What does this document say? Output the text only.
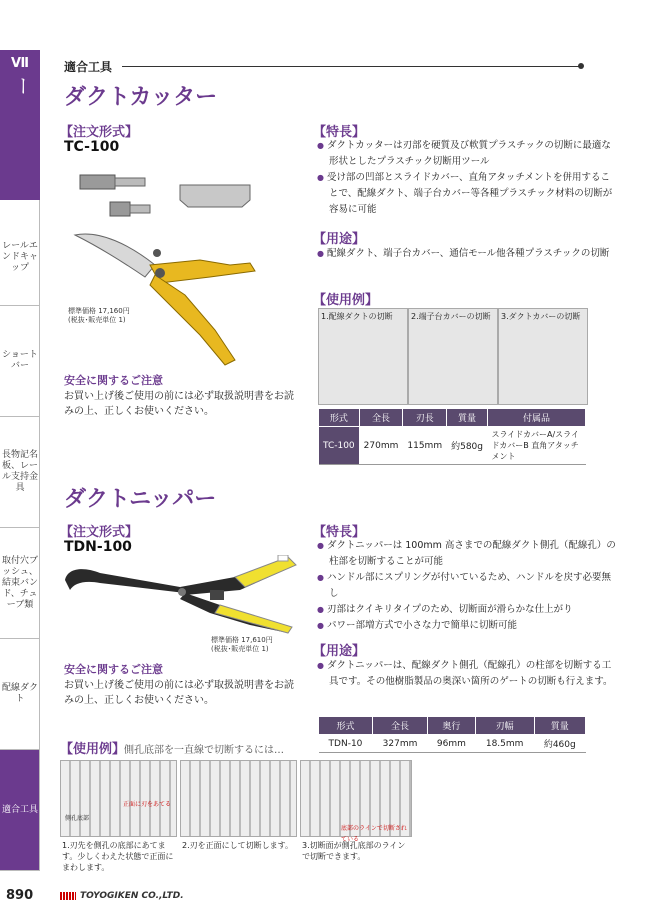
Ⅶ
アクセサリー
レールエンドキャップ
ショートバー
長物記名板、レール支持金具
取付穴ブッシュ、結束バンド、チューブ類
配線ダクト
適合工具
適合工具
ダクトカッター
【注文形式】
TC-100
標準価格 17,160円
(税抜･販売単位 1)
安全に関するご注意
お買い上げ後ご使用の前には必ず取扱説明書をお読みの上、正しくお使いください。
【特長】

● ダクトカッターは刃部を硬質及び軟質プラスチックの切断に最適な形状としたプラスチック切断用ツール

● 受け部の凹部とスライドカバー、直角アタッチメントを併用することで、配線ダクト、端子台カバー等各種プラスチック材料の切断が容易に可能

【用途】

● 配線ダクト、端子台カバー、通信モール他各種プラスチックの切断

【使用例】
1.配線ダクトの切断	2.端子台カバーの切断	3.ダクトカバーの切断
形式	全長	刃長	質量	付属品
TC-100	270mm	115mm	約580g	スライドカバーA/スライドカバーB 直角アタッチメント
ダクトニッパー
【注文形式】
TDN-100
標準価格 17,610円
(税抜･販売単位 1)
安全に関するご注意
お買い上げ後ご使用の前には必ず取扱説明書をお読みの上、正しくお使いください。
【特長】

● ダクトニッパーは 100mm 高さまでの配線ダクト側孔（配線孔）の柱部を切断することが可能

● ハンドル部にスプリングが付いているため、ハンドルを戻す必要無し

● 刃部はクイキリタイプのため、切断面が滑らかな仕上がり

● パワー部増方式で小さな力で簡単に切断可能

【用途】

● ダクトニッパーは、配線ダクト側孔（配線孔）の柱部を切断する工具です。その他樹脂製品の奥深い箇所のゲートの切断も行えます。

形式	全長	奥行	刃幅	質量
TDN-10	327mm	96mm	18.5mm	約460g
【使用例】
側孔底部を一直線で切断するには…
正面に刃をあてる
側孔底部
底部のラインで切断されている
1.刃先を側孔の底部にあてます。少しくわえた状態で正面にまわします。
2.刃を正面にして切断します。 3.切断面が側孔底部のラインで切断できます。
890	TOYOGIKEN CO.,LTD.
